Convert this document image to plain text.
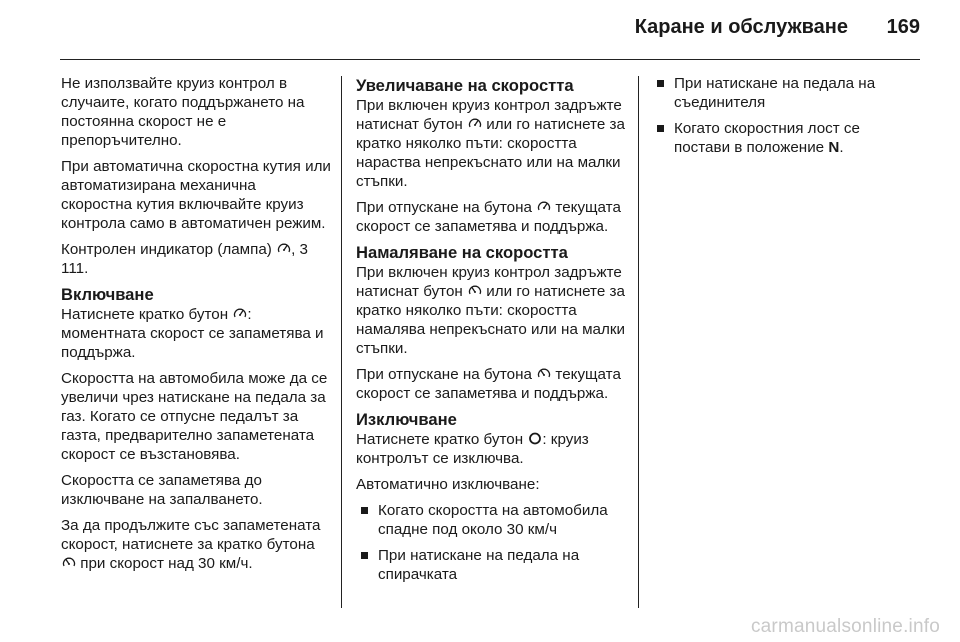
Каране и обслужване 169

Не използвайте круиз контрол в случаите, когато поддържането на постоянна скорост не е препоръчително.

При автоматична скоростна кутия или автоматизирана механична скоростна кутия включвайте круиз контрола само в автоматичен режим.

Контролен индикатор (лампа) , 3 111.

Включване

Натиснете кратко бутон : моментната скорост се запаметява и поддържа.

Скоростта на автомобила може да се увеличи чрез натискане на педала за газ. Когато се отпусне педалът за газта, предварително запаметената скорост се възстановява.

Скоростта се запаметява до изключване на запалването.

За да продължите със запаметената скорост, натиснете за кратко бутона
при скорост над 30 км/ч.

Увеличаване на скоростта

При включен круиз контрол задръжте натиснат бутон или го натиснете за кратко няколко пъти: скоростта нараства непрекъснато или на малки стъпки.

При отпускане на бутона текущата скорост се запаметява и поддържа.

Намаляване на скоростта

При включен круиз контрол задръжте натиснат бутон или го натиснете за кратко няколко пъти: скоростта намалява непрекъснато или на малки стъпки.

При отпускане на бутона текущата скорост се запаметява и поддържа.

Изключване

Натиснете кратко бутон : круиз контролът се изключва.

Автоматично изключване:

Когато скоростта на автомобила спадне под около 30 км/ч
При натискане на педала на спирачката
При натискане на педала на съединителя
Когато скоростния лост се постави в положение N.
carmanualsonline.info
